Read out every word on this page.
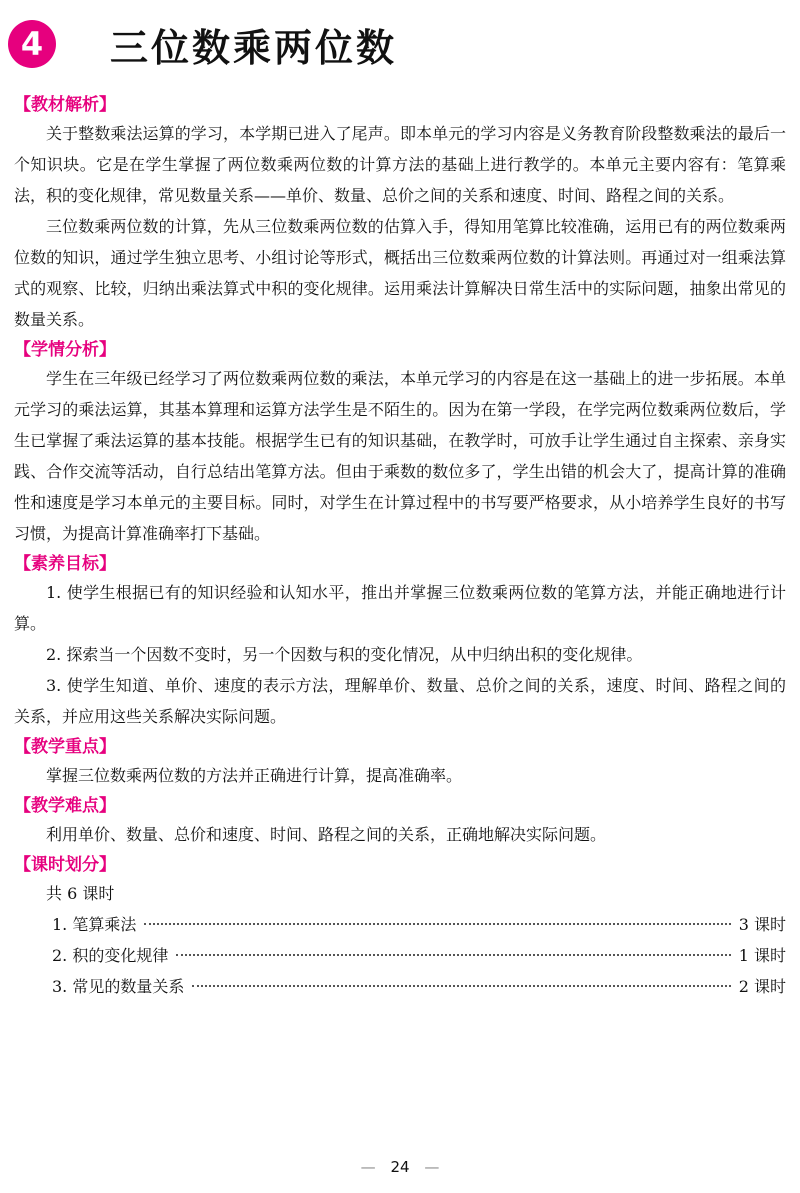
4	三位数乘两位数
【教材解析】

关于整数乘法运算的学习，本学期已进入了尾声。即本单元的学习内容是义务教育阶段整数乘法的最后一个知识块。它是在学生掌握了两位数乘两位数的计算方法的基础上进行教学的。本单元主要内容有：笔算乘法，积的变化规律，常见数量关系——单价、数量、总价之间的关系和速度、时间、路程之间的关系。

三位数乘两位数的计算，先从三位数乘两位数的估算入手，得知用笔算比较准确，运用已有的两位数乘两位数的知识，通过学生独立思考、小组讨论等形式，概括出三位数乘两位数的计算法则。再通过对一组乘法算式的观察、比较，归纳出乘法算式中积的变化规律。运用乘法计算解决日常生活中的实际问题，抽象出常见的数量关系。

【学情分析】

学生在三年级已经学习了两位数乘两位数的乘法，本单元学习的内容是在这一基础上的进一步拓展。本单元学习的乘法运算，其基本算理和运算方法学生是不陌生的。因为在第一学段，在学完两位数乘两位数后，学生已掌握了乘法运算的基本技能。根据学生已有的知识基础，在教学时，可放手让学生通过自主探索、亲身实践、合作交流等活动，自行总结出笔算方法。但由于乘数的数位多了，学生出错的机会大了，提高计算的准确性和速度是学习本单元的主要目标。同时，对学生在计算过程中的书写要严格要求，从小培养学生良好的书写习惯，为提高计算准确率打下基础。

【素养目标】

1. 使学生根据已有的知识经验和认知水平，推出并掌握三位数乘两位数的笔算方法，并能正确地进行计算。

2. 探索当一个因数不变时，另一个因数与积的变化情况，从中归纳出积的变化规律。

3. 使学生知道、单价、速度的表示方法，理解单价、数量、总价之间的关系，速度、时间、路程之间的关系，并应用这些关系解决实际问题。

【教学重点】

掌握三位数乘两位数的方法并正确进行计算，提高准确率。

【教学难点】

利用单价、数量、总价和速度、时间、路程之间的关系，正确地解决实际问题。

【课时划分】

共 6 课时

1. 笔算乘法	3 课时
2. 积的变化规律	1 课时
3. 常见的数量关系	2 课时
— 24 —
